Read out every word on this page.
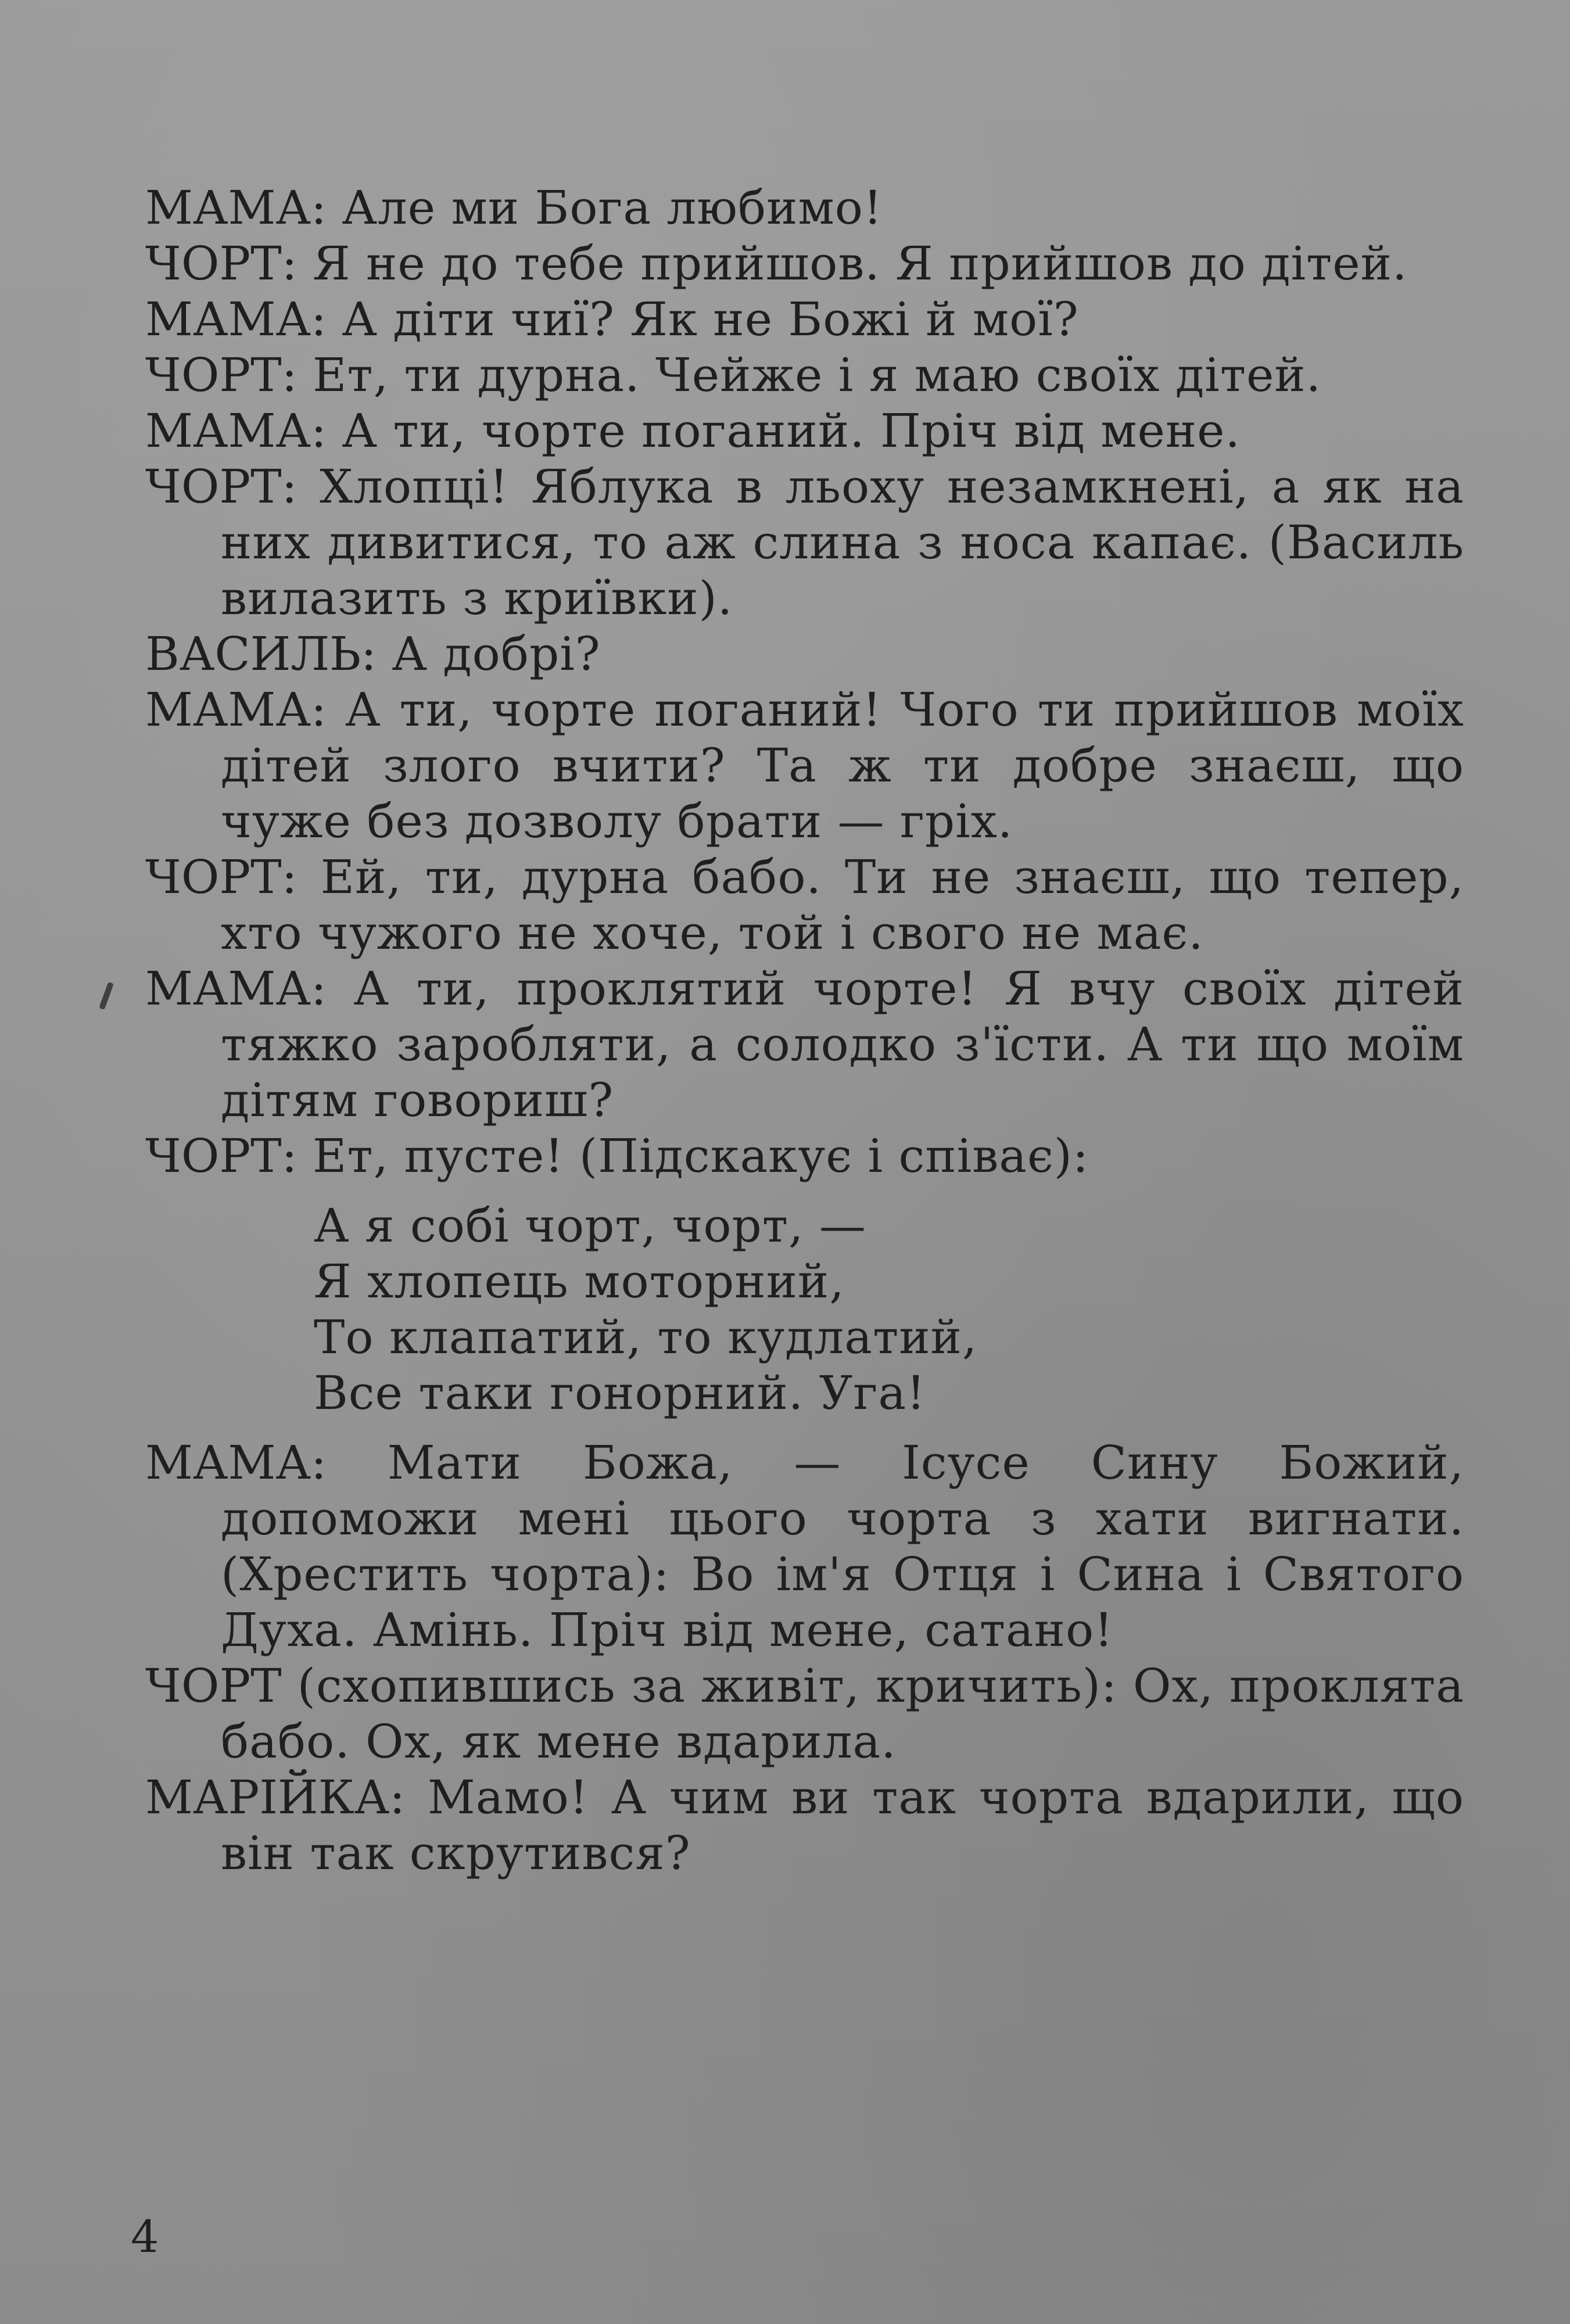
МАМА: Але ми Бога любимо!

ЧОРТ: Я не до тебе прийшов. Я прийшов до дітей.

МАМА: А діти чиї? Як не Божі й мої?

ЧОРТ: Ет, ти дурна. Чейже і я маю своїх дітей.

МАМА: А ти, чорте поганий. Пріч від мене.

ЧОРТ: Хлопці! Яблука в льоху незамкнені, а як на них дивитися, то аж слина з носа капає. (Василь вилазить з криївки).

ВАСИЛЬ: А добрі?

МАМА: А ти, чорте поганий! Чого ти прийшов моїх дітей злого вчити? Та ж ти добре знаєш, що чуже без дозволу брати — гріх.

ЧОРТ: Ей, ти, дурна бабо. Ти не знаєш, що тепер, хто чужого не хоче, той і свого не має.

МАМА: А ти, проклятий чорте! Я вчу своїх дітей тяжко заробляти, а солодко з'їсти. А ти що моїм дітям говориш?

ЧОРТ: Ет, пусте! (Підскакує і співає):

А я собі чорт, чорт, —

Я хлопець моторний,

То клапатий, то кудлатий,

Все таки гонорний. Уга!

МАМА: Мати Божа, — Ісусе Сину Божий, допоможи мені цього чорта з хати вигнати. (Хрестить чорта): Во ім'я Отця і Сина і Святого Духа. Амінь. Пріч від мене, сатано!

ЧОРТ (схопившись за живіт, кричить): Ох, проклята бабо. Ох, як мене вдарила.

МАРІЙКА: Мамо! А чим ви так чорта вдарили, що він так скрутився?

4
